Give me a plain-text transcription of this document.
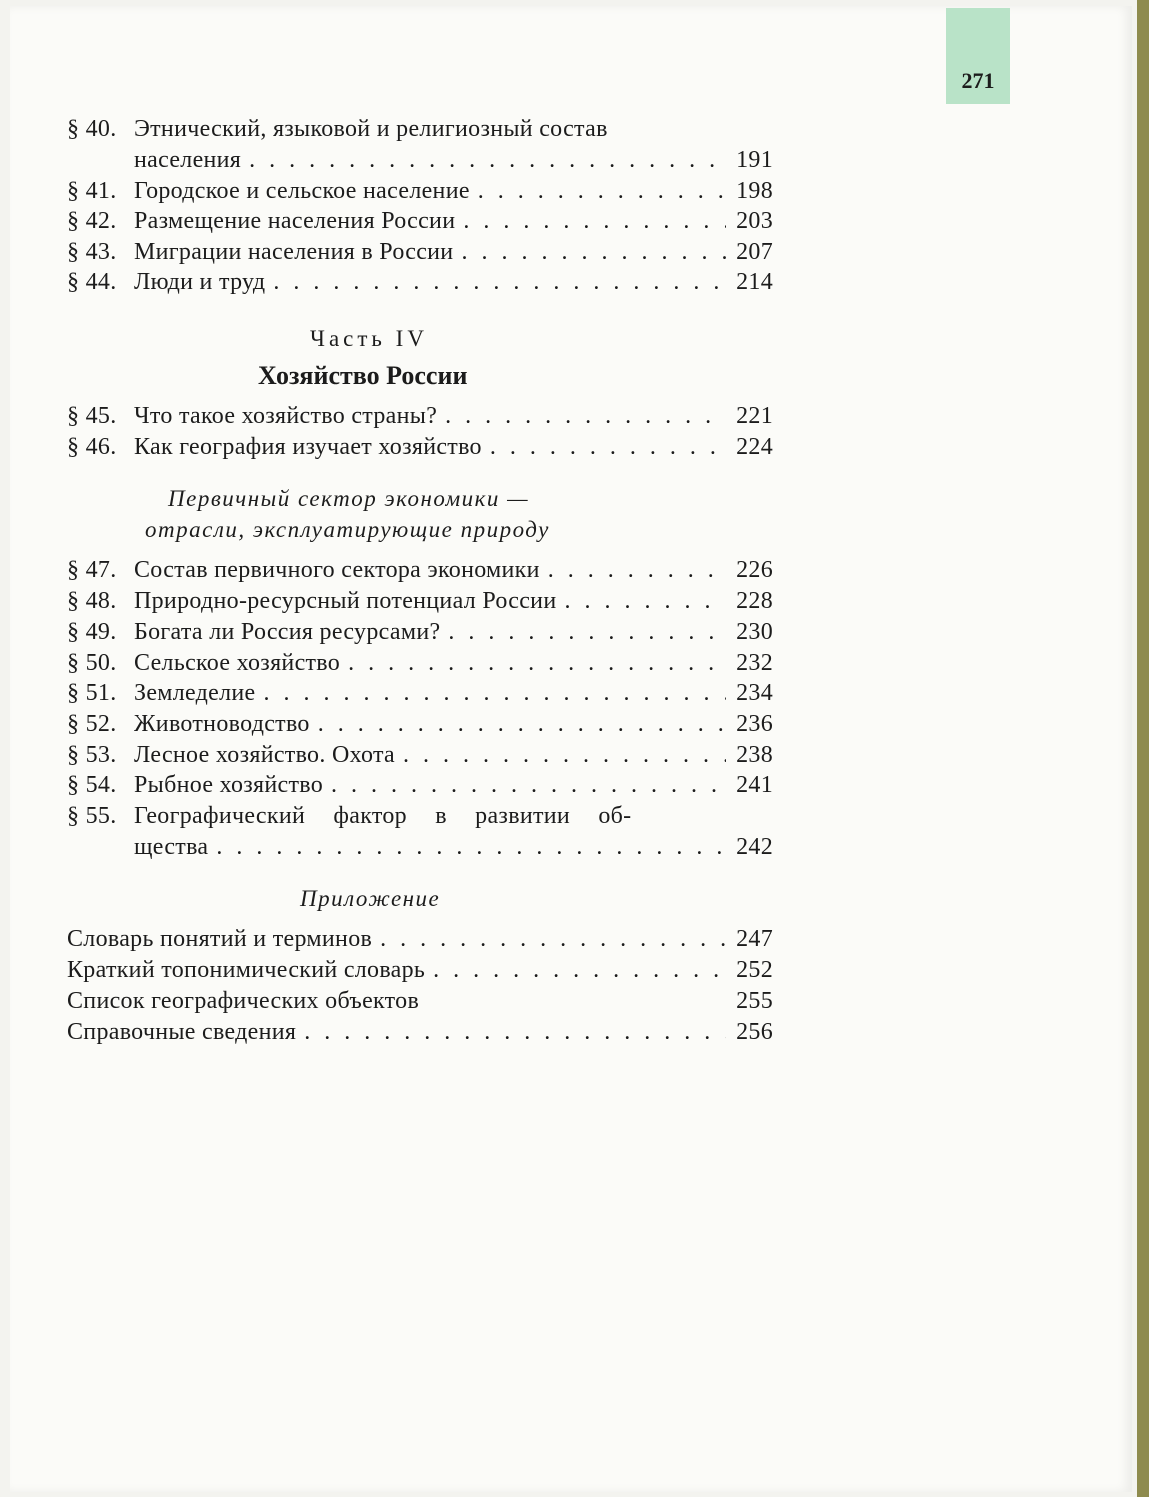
271
§ 40. Этнический, языковой и религиозный состав
населения . . .	191
§ 41. Городское и сельское население . . .	198
§ 42. Размещение населения России . . .	203
§ 43. Миграции населения в России . . .	207
§ 44. Люди и труд . . .	214
Часть IV
Хозяйство России
§ 45. Что такое хозяйство страны? . . .	221
§ 46. Как география изучает хозяйство . . .	224
Первичный сектор экономики —
отрасли, эксплуатирующие природу
§ 47. Состав первичного сектора экономики . . .	226
§ 48. Природно-ресурсный потенциал России . . .	228
§ 49. Богата ли Россия ресурсами? . . .	230
§ 50. Сельское хозяйство . . .	232
§ 51. Земледелие . . .	234
§ 52. Животноводство . . .	236
§ 53. Лесное хозяйство. Охота . . .	238
§ 54. Рыбное хозяйство . . .	241
§ 55. Географический фактор в развитии об-
щества . . .	242
Приложение
Словарь понятий и терминов . . .	247
Краткий топонимический словарь . . .	252
Список географических объектов	255
Справочные сведения . . .	256
